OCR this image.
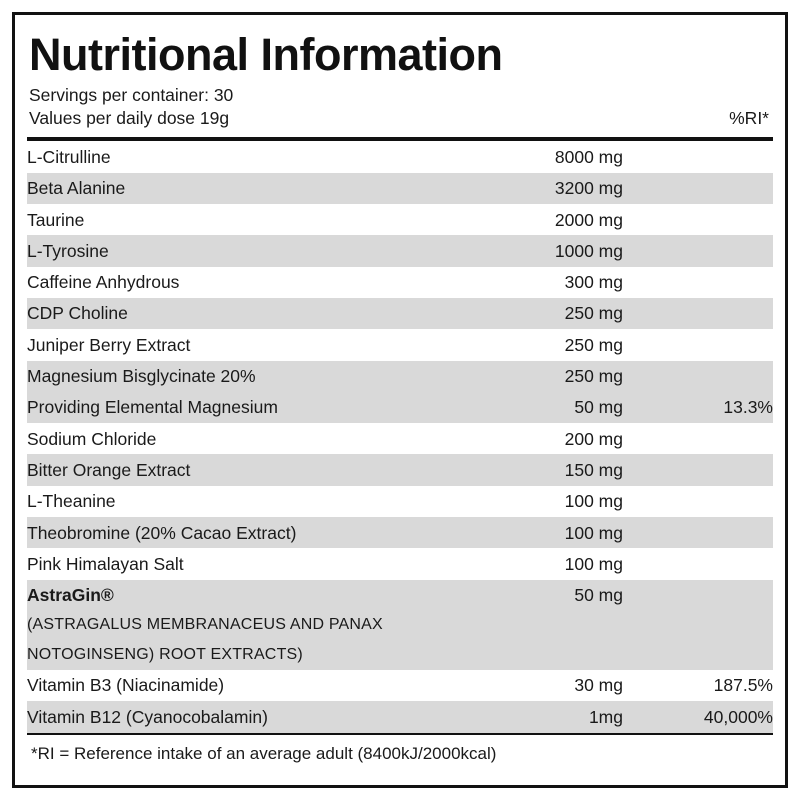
Nutritional Information
Servings per container: 30
Values per daily dose 19g	%RI*
L-Citrulline	8000 mg	
Beta Alanine	3200 mg	
Taurine	2000 mg	
L-Tyrosine	1000 mg	
Caffeine Anhydrous	300 mg	
CDP Choline	250 mg	
Juniper Berry Extract	250 mg	
Magnesium Bisglycinate 20%	250 mg	
Providing Elemental Magnesium	50 mg	13.3%
Sodium Chloride	200 mg	
Bitter Orange Extract	150 mg	
L-Theanine	100 mg	
Theobromine (20% Cacao Extract)	100 mg	
Pink Himalayan Salt	100 mg	
AstraGin®	50 mg	
(ASTRAGALUS MEMBRANACEUS AND PANAX		
NOTOGINSENG) ROOT EXTRACTS)		
Vitamin B3 (Niacinamide)	30 mg	187.5%
Vitamin B12 (Cyanocobalamin)	1mg	40,000%
*RI = Reference intake of an average adult (8400kJ/2000kcal)
